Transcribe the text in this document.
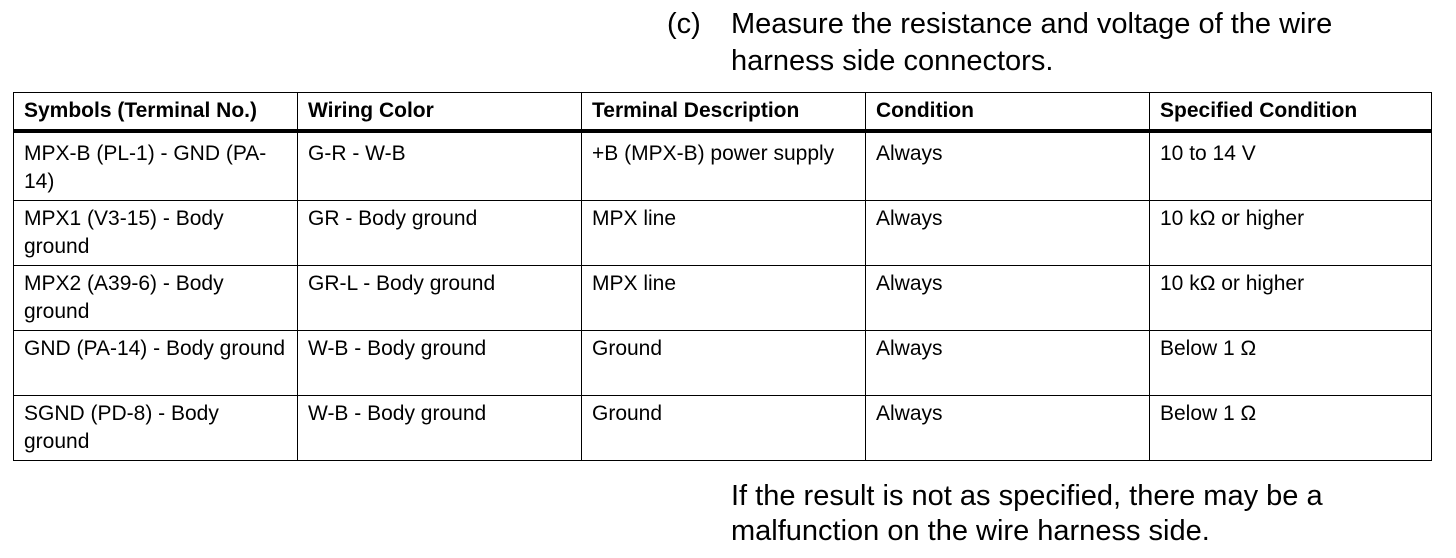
(c) Measure the resistance and voltage of the wire harness side connectors.
Symbols (Terminal No.)	Wiring Color	Terminal Description	Condition	Specified Condition
MPX-B (PL-1) - GND (PA-14)	G-R - W-B	+B (MPX-B) power supply	Always	10 to 14 V
MPX1 (V3-15) - Body ground	GR - Body ground	MPX line	Always	10 kΩ or higher
MPX2 (A39-6) - Body ground	GR-L - Body ground	MPX line	Always	10 kΩ or higher
GND (PA-14) - Body ground	W-B - Body ground	Ground	Always	Below 1 Ω
SGND (PD-8) - Body ground	W-B - Body ground	Ground	Always	Below 1 Ω
If the result is not as specified, there may be a malfunction on the wire harness side.
